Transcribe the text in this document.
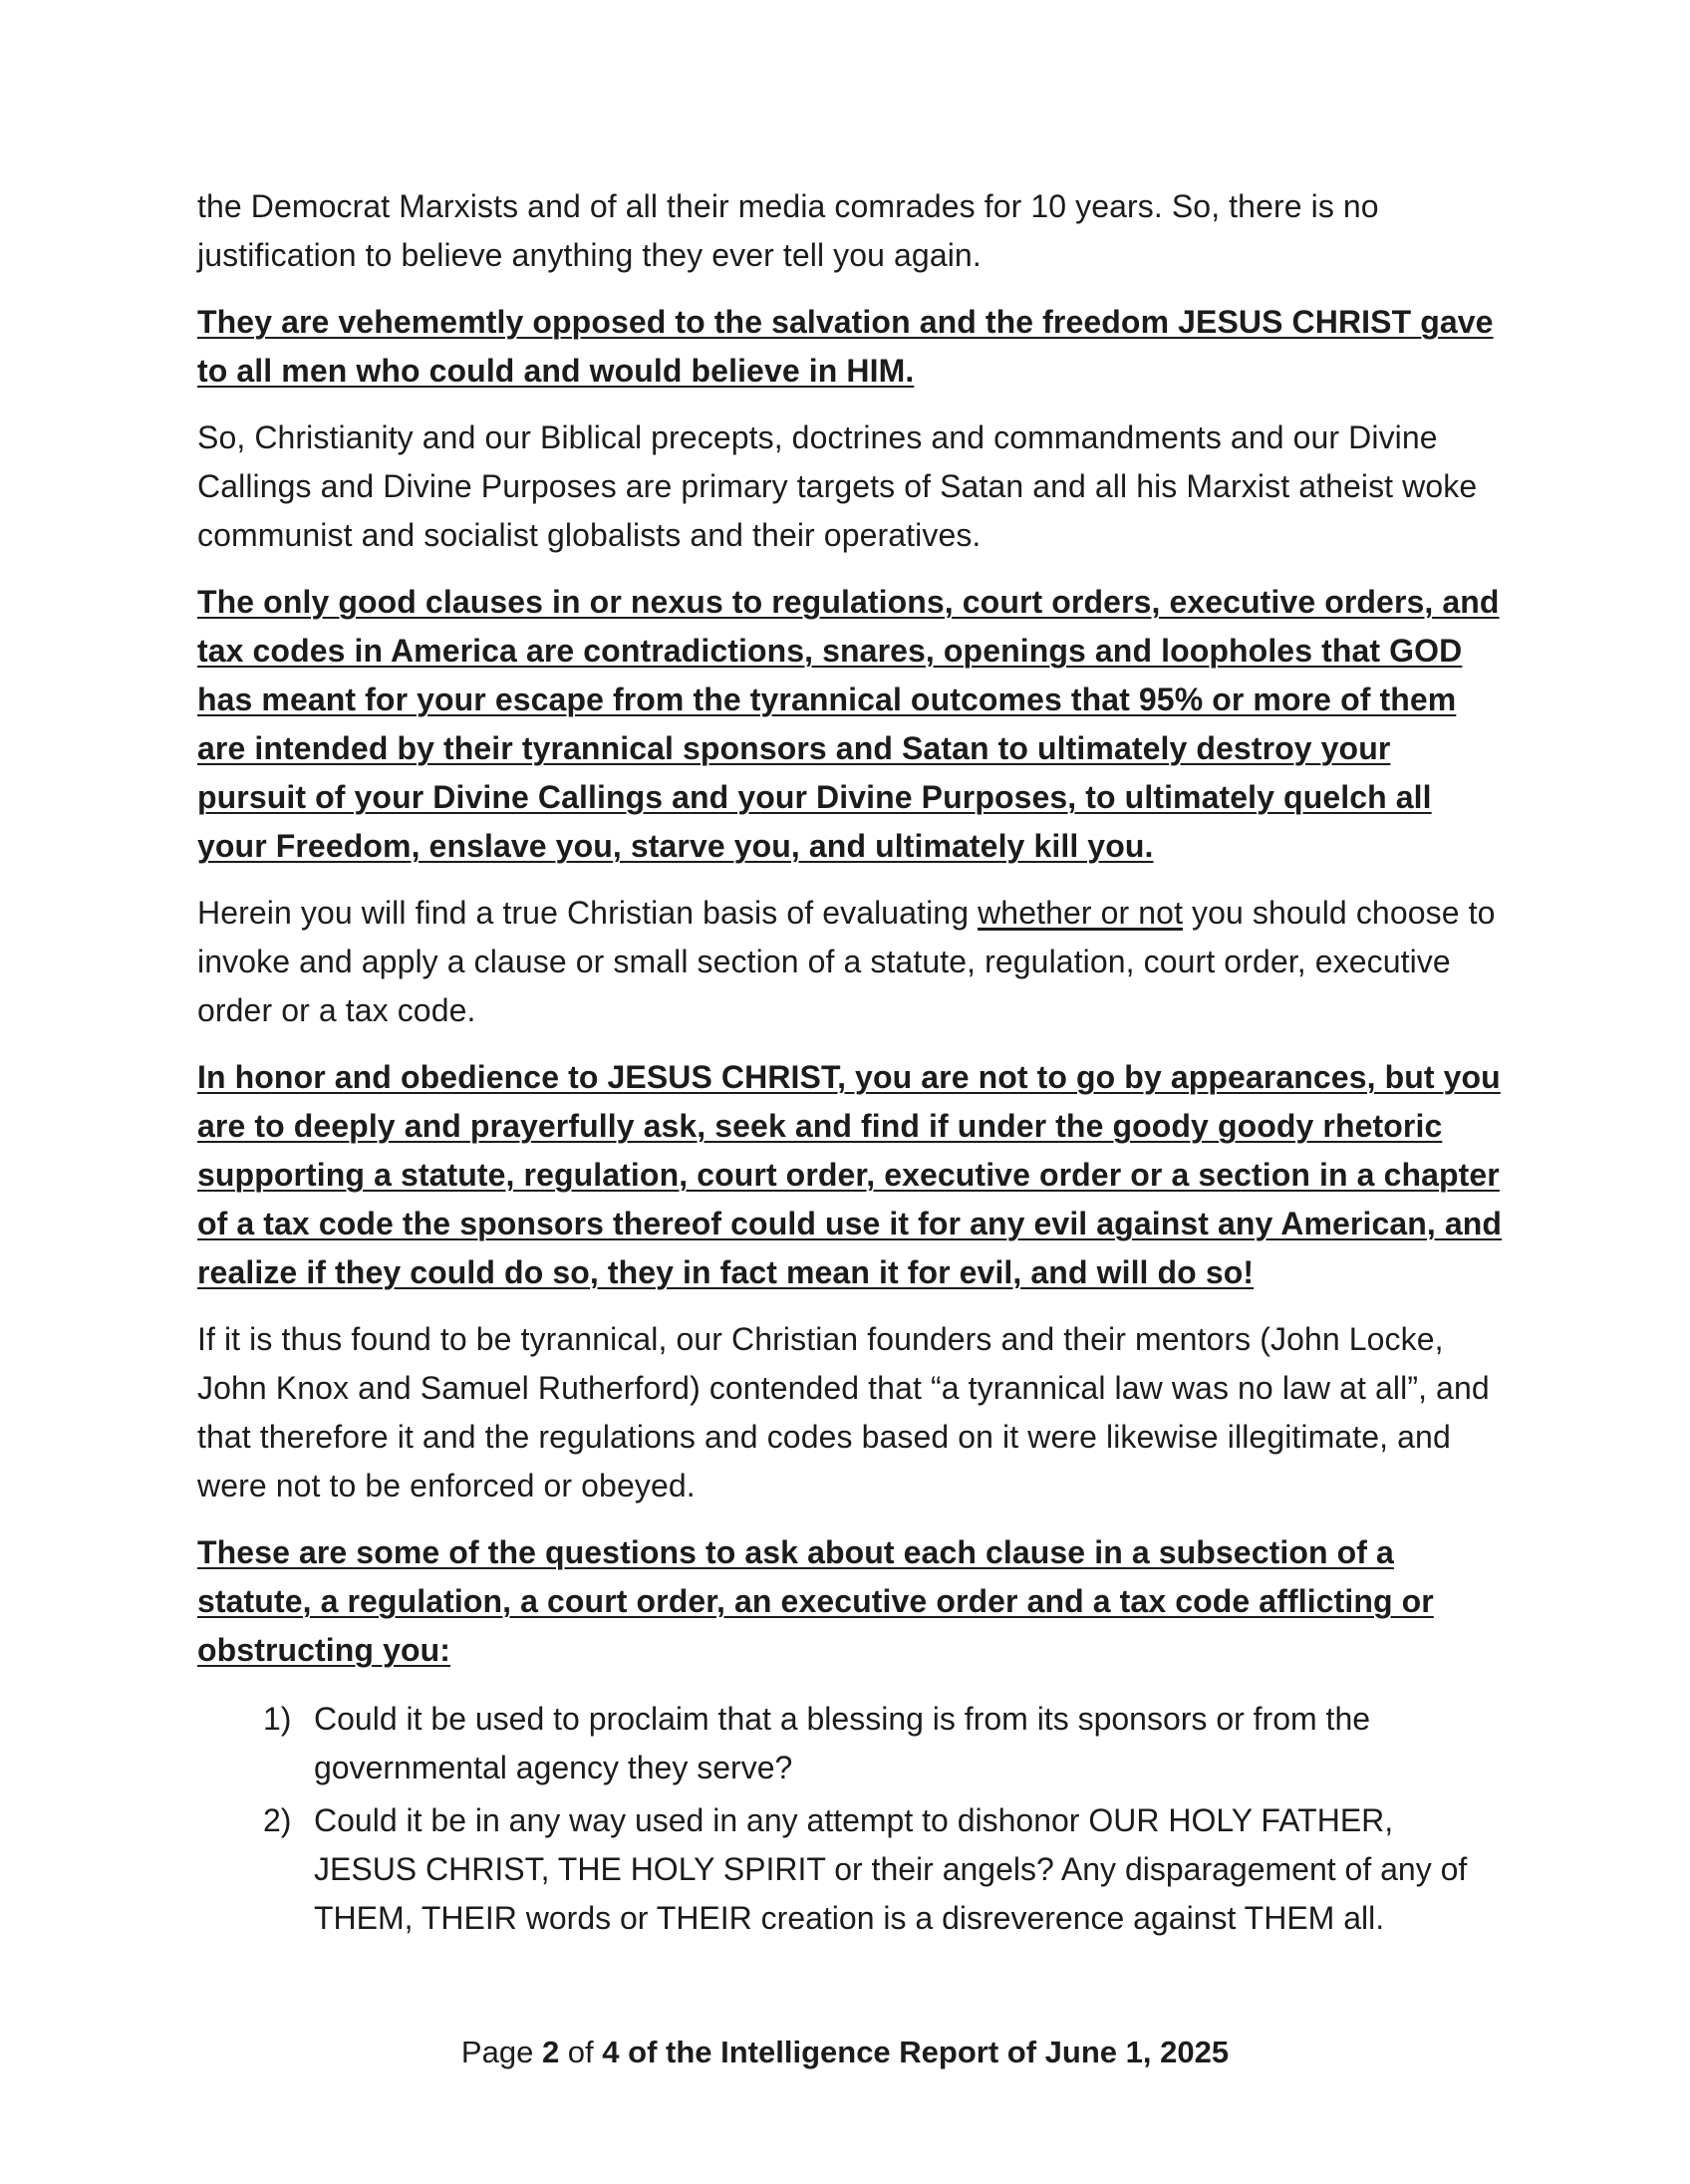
the Democrat Marxists and of all their media comrades for 10 years. So, there is no justification to believe anything they ever tell you again.

They are vehememtly opposed to the salvation and the freedom JESUS CHRIST gave to all men who could and would believe in HIM.

So, Christianity and our Biblical precepts, doctrines and commandments and our Divine Callings and Divine Purposes are primary targets of Satan and all his Marxist atheist woke communist and socialist globalists and their operatives.

The only good clauses in or nexus to regulations, court orders, executive orders, and tax codes in America are contradictions, snares, openings and loopholes that GOD has meant for your escape from the tyrannical outcomes that 95% or more of them are intended by their tyrannical sponsors and Satan to ultimately destroy your pursuit of your Divine Callings and your Divine Purposes, to ultimately quelch all your Freedom, enslave you, starve you, and ultimately kill you.

Herein you will find a true Christian basis of evaluating whether or not you should choose to invoke and apply a clause or small section of a statute, regulation, court order, executive order or a tax code.

In honor and obedience to JESUS CHRIST, you are not to go by appearances, but you are to deeply and prayerfully ask, seek and find if under the goody goody rhetoric supporting a statute, regulation, court order, executive order or a section in a chapter of a tax code the sponsors thereof could use it for any evil against any American, and realize if they could do so, they in fact mean it for evil, and will do so!

If it is thus found to be tyrannical, our Christian founders and their mentors (John Locke, John Knox and Samuel Rutherford) contended that “a tyrannical law was no law at all”, and that therefore it and the regulations and codes based on it were likewise illegitimate, and were not to be enforced or obeyed.

These are some of the questions to ask about each clause in a subsection of a statute, a regulation, a court order, an executive order and a tax code afflicting or obstructing you:

1) Could it be used to proclaim that a blessing is from its sponsors or from the governmental agency they serve?
2) Could it be in any way used in any attempt to dishonor OUR HOLY FATHER, JESUS CHRIST, THE HOLY SPIRIT or their angels? Any disparagement of any of THEM, THEIR words or THEIR creation is a disreverence against THEM all.
Page 2 of 4 of the Intelligence Report of June 1, 2025
